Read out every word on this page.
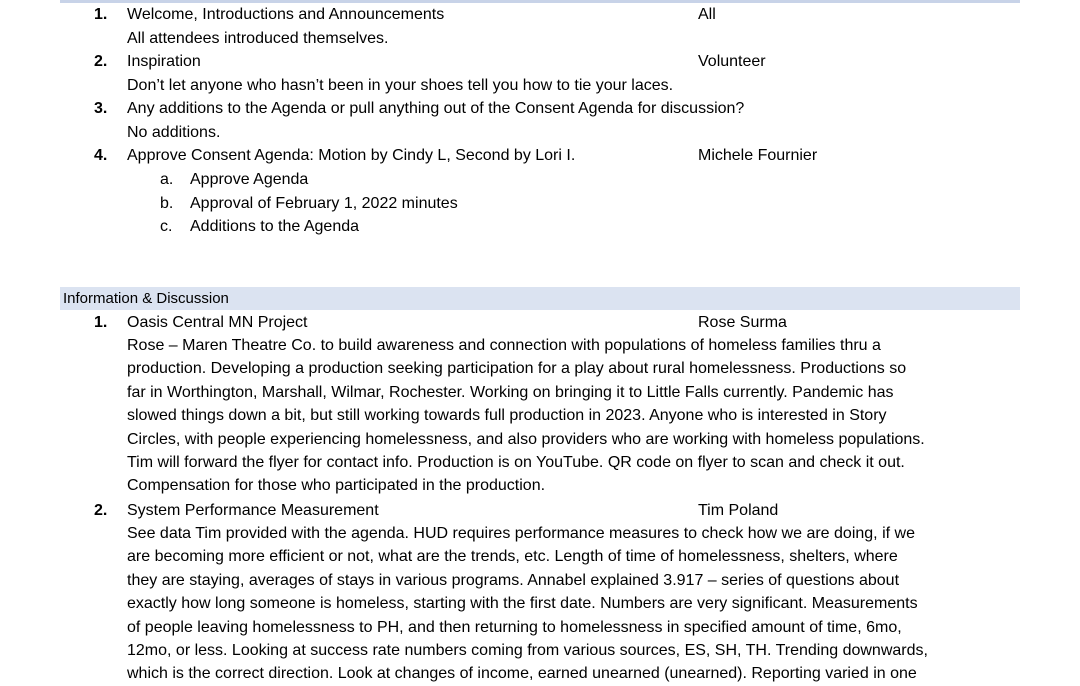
1. Welcome, Introductions and Announcements	All
All attendees introduced themselves.
2. Inspiration	Volunteer
Don’t let anyone who hasn’t been in your shoes tell you how to tie your laces.
3. Any additions to the Agenda or pull anything out of the Consent Agenda for discussion?
No additions.
4. Approve Consent Agenda: Motion by Cindy L, Second by Lori I.	Michele Fournier
a. Approve Agenda
b. Approval of February 1, 2022 minutes
c. Additions to the Agenda
Information & Discussion
1. Oasis Central MN Project	Rose Surma
Rose – Maren Theatre Co. to build awareness and connection with populations of homeless families thru a
production. Developing a production seeking participation for a play about rural homelessness. Productions so
far in Worthington, Marshall, Wilmar, Rochester. Working on bringing it to Little Falls currently. Pandemic has
slowed things down a bit, but still working towards full production in 2023. Anyone who is interested in Story
Circles, with people experiencing homelessness, and also providers who are working with homeless populations.
Tim will forward the flyer for contact info. Production is on YouTube. QR code on flyer to scan and check it out.
Compensation for those who participated in the production.
2. System Performance Measurement	Tim Poland
See data Tim provided with the agenda. HUD requires performance measures to check how we are doing, if we
are becoming more efficient or not, what are the trends, etc. Length of time of homelessness, shelters, where
they are staying, averages of stays in various programs. Annabel explained 3.917 – series of questions about
exactly how long someone is homeless, starting with the first date. Numbers are very significant. Measurements
of people leaving homelessness to PH, and then returning to homelessness in specified amount of time, 6mo,
12mo, or less. Looking at success rate numbers coming from various sources, ES, SH, TH. Trending downwards,
which is the correct direction. Look at changes of income, earned unearned (unearned). Reporting varied in one
